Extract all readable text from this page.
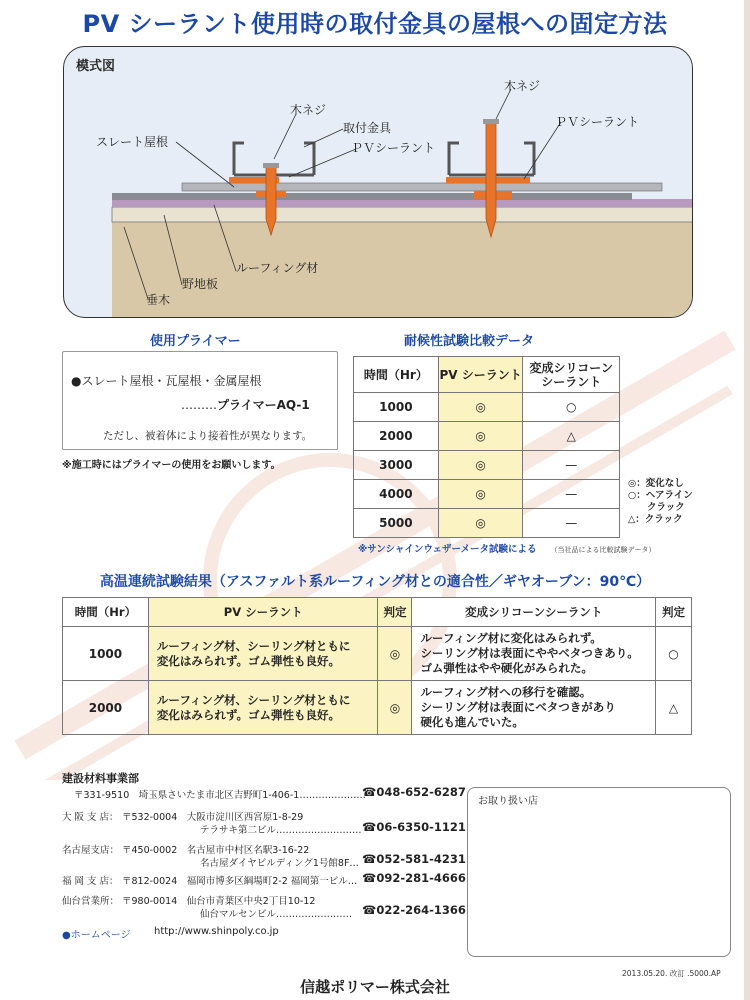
PV シーラント使用時の取付金具の屋根への固定方法
模式図
木ネジ
取付金具
ＰＶシーラント
スレート屋根
木ネジ
ＰＶシーラント
ルーフィング材
野地板
垂木
使用プライマー
●スレート屋根・瓦屋根・金属屋根
………プライマーAQ-1
ただし、被着体により接着性が異なります。
※施工時にはプライマーの使用をお願いします。
耐候性試験比較データ
時間（Hr）	PV シーラント	変成シリコーン
シーラント
1000	◎	○
2000	◎	△
3000	◎	—
4000	◎	—
5000	◎	—
◎：変化なし
○：ヘアライン
　　クラック
△：クラック
※サンシャインウェザーメータ試験による （当社品による比較試験データ）
高温連続試験結果（アスファルト系ルーフィング材との適合性／ギヤオーブン：90℃）
時間（Hr）	PV シーラント	判定	変成シリコーンシーラント	判定
1000	ルーフィング材、シーリング材ともに
変化はみられず。ゴム弾性も良好。	◎	ルーフィング材に変化はみられず。
シーリング材は表面にややベタつきあり。
ゴム弾性はやや硬化がみられた。	○
2000	ルーフィング材、シーリング材ともに
変化はみられず。ゴム弾性も良好。	◎	ルーフィング材への移行を確認。
シーリング材は表面にベタつきがあり
硬化も進んでいた。	△
建設材料事業部
〒331-9510　埼玉県さいたま市北区吉野町1-406-1…………………
☎048-652-6287
大 阪 支 店： 〒532-0004　大阪市淀川区西宮原1-8-29
テラサキ第二ビル……………………… ☎06-6350-1121
名古屋支店： 〒450-0002　名古屋市中村区名駅3-16-22
名古屋ダイヤビルディング1号館8F… ☎052-581-4231
福 岡 支 店： 〒812-0024　福岡市博多区綱場町2-2 福岡第一ビル… ☎092-281-4666
仙台営業所： 〒980-0014　仙台市青葉区中央2丁目10-12
仙台マルセンビル…………………… ☎022-264-1366
●ホームページ http://www.shinpoly.co.jp
お取り扱い店
2013.05.20. 改訂 .5000.AP
信越ポリマー株式会社
